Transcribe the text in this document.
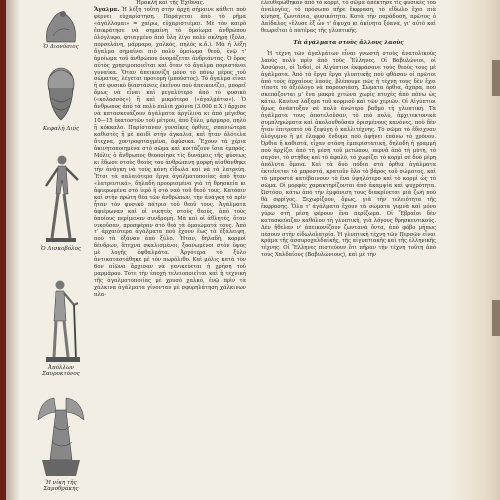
Ὁ Διονύσιος
Κεφαλὴ Διός
Ὁ Δισκοβόλος
Ἀπόλλων Σαυροκτόνος
Ἡ νίκη τῆς Σαμοθράκης

Ἡρακλῆ καὶ τῆς Ἐχίδνας.

Ἄγαλμα. Ἡ λέξη τοῦτη στὴν ἀρχὴ σήμαινε κάθετι ποὺ φέρνει εὐχαρίστηση. Παράγεται ἀπὸ τὸ ρῆμα «ἀγάλλομαι» = χαίρω, εὐχαριστιέμαι. Μὲ τὸν καιρὸ ἐπικράτησε νὰ σημαίνη τὸ ὁμοίωμα ἀνθρώπου ὁλόγλυφο, φτιαγμένο ἀπὸ ὕλη λίγο πολὺ σκληρὴ (ξύλο, πορσελάνη, μάρμαρο, χαλκός, πηλὸς κ.ἄ.). Μὰ ἡ λέξη ἄγαλμα σημαίνει πιὸ πολὺ ὁμοίωμα θεοῦ, ἐνῷ τ' ὁμοίωμα τοῦ ἀνθρώπου ὀνομάζεται ἀνδριάντας. Ὁ ὅρος αὐτὸς χρησιμοποιεῖται καὶ ὅταν τὸ ἄγαλμα παριστάνει γυναίκα. Ὅταν ἀπεικονίζη μόνο τὸ πάνω μέρος τοῦ σώματος, λέγεται προτομὴ (μπούστος). Τὸ ἄγαλμα εἶναι ἢ σὲ φυσικὸ διαστάσεις ἐκεῖνου ποὺ ἀπεικονίζει, μπορεῖ ὅμως νὰ εἶναι καὶ μεγαλύτερο ἀπὸ τὸ φυσικὸ («κολοσσὸς») ἢ καὶ μικρότερο («ἀγαλμάτιο»). Ὁ ἄνθρωπος ἀπὸ τὰ πολὺ παλιὰ χρόνια (3.000 π.Χ.) ἄρχισε νὰ κατασκευάζουν ἀγάλματα ἀργίλινα κι ἀπὸ μέγεθος 10—15 ἑκατοστῶν τοῦ μέτρου, ἀπὸ ξύλο, μάρμαρο, πηλὸ ἢ κόκκαλο. Παρίσταναν γυναῖκες ὀρθιες, σπανιώτερα καθιστὲς ἢ μὲ παιδὶ στὴν ἀγκαλιά, καὶ ἦταν ὁλότελα ἄτεχνα, χοντροφτιαγμένα, ἀφύσικα. Ἔχουν τὰ χέρια ἀκινητοποιημένα στὸ σῶμα καὶ κοιτάζουν ἴσια ἐμπρός. Μόλις ὁ ἄνθρωπος θεοποίησε τὶς δυνάμεις τῆς φύσεως κι ἔδωσε στοὺς θεοὺς του ἀνθρώπινη μορφή αἰσθάνθηκε τὴν ἀνάγκη νὰ τοὺς κάνη εἴδωλα καὶ νὰ τὰ λατρεύη. Ἔτσι τὰ παλαιότερα ἔργα ἀγαλματοποιίας ἀπὸ ἦταν «λατρευτικά», δηλαδὴ προορισμένα γιὰ τὴ θρησκεία κι ἀφιερωμένα στὸ ἱερὸ ἢ στὸ ναὸ τοῦ θεοῦ τους. Κατόπιν καὶ στὴν πρώτη θέα τῶν ἀνθρώπων, τὴν ἀνάγκη τὸ πρὶν ἦταν τὸν φυσικὸ πάτριο τοῦ θεοῦ τους. Ἀγάλματα ἀφιέρωναν καὶ οἱ νικητὲς στοὺς θεούς, ἀπὸ τοὺς ὁποίους περίμεναν συνδρομή. Μὰ καὶ οἱ ἀθλητές, ὅταν νικοῦσαν, προσφέραν στὸ θεὸ τὰ ὁμοιώματά τους. Ἀπὸ τ' ἀρχαιότερα ἀγάλματα ποὺ ἔχουν ἕως τὰ ἐξάλειψη, ποὺ τὰ ἐξάναν ἀπὸ ξύλο. Ἦταν, δηλαδή, κορμοὶ δένδρων, ἄτεχνα σκαλισμένοι, ξοανωμένοι στὸν ὕψος μὲ λογῆς ὀφθαλμάτα. Ἀργότερα τὸ ξύλο ἀντικαταστάθηκε μὲ τὸν πωρόλιθο. Καὶ μόλις κατὰ τὸν 6ον αἰῶνα ἄρχισαν νὰ γενικεύεται ἡ χρήση τοῦ μαρμάρου. Τότε τὴν ἐποχὴ τελειοποιεῖται καὶ ἡ τεχνικὴ τῆς ἀγαλματοποιίας μὲ χρυσὸ χαλκό, ἐνῷ πρὶν τὰ χάλκινα ἀγάλματα γίνονταν μὲ σφυρηλάτηση χάλκινων πλα-

ἐλευθερώθηκαν ἀπὸ τὸ κορμί, τὸ σῶμα ἀπέκτησε τὶς φυσικὲς του ἀναλογίες, τὸ πρόσωπο πῆρε ἔκφραση, τὸ εἴδωλο ἔχει πιὰ κίνηση, ζωντάνια, φυσικότητα. Κατὰ τὴν παράδοση, πρῶτος ὁ Δαίδαλος «ἔλυσε ἐξ ὧν τ' ἄψυχα κι ἀκίνητα ξόανα, γι' αὐτὸ καὶ θεωρεῖται ὁ πατέρας τῆς γλυπτικῆς.

Τὰ ἀγάλματα στοὺς ἄλλους λαοὺς

Ἡ τέχνη τῶν ἀγαλμάτων εἶναι γνωστὴ στοὺς ἀνατολικοὺς λαοὺς πολὺ πρὶν ἀπὸ τοὺς Ἕλληνες. Οἱ Βαβυλώνιοι, οἱ Ἀσσύριοι, οἱ Ἰνδοί, οἱ Αἰγύπτιοι ἐκφράσανε τοὺς θεοὺς τους μὲ ἀγάλματα. Ἀπὸ τὰ ἔργα ἔργα γλυπτικῆς ποὺ φθάσαν οἱ πρῶτοι ἀπὸ τοὺς ἀρχαίους λαούς, βλέπουμε πῶς ἡ τέχνη τους δὲν ἔχει τίποτε τὸ ἀξιόλογο νὰ παρουσιάση. Σώματα ὀρθια, ἄχαρα, ποὺ σκεπάζονται μ' ἕνα μακρὺ χιτώνα χωρὶς πτυχὲς ἀπὸ πάνω ὡς κάτω. Κανένα λάξεμα τοῦ κορμιοῦ καὶ τῶν χεριῶν. Οἱ Αἰγύπτιοι ὅμως ἀνάπτυξαν σὲ πολὺ ἀνώτερο βαθμὸ τὴ γλυπτική. Τὰ ἀγάλματα τους ἀποτελοῦσαν, τὸ πιὸ πολύ, ἀρχιτεκτονικὰ συμπληρώματα καὶ ἀκολουθοῦσαν ὁρισμένους κανόνες, ποὺ δὲν ἦταν ἐπιτρεπτὸ νὰ ξεφύγη ὁ καλλιτέχνης. Τὸ σῶμα τὸ ἔδειχναν ὀλόγυμνο ἢ μὲ ἐλαφρὸ ἔνδυμα ποὺ ἀφήνει ἐπάνω τὸ χρόνου. Ὀρθια ἢ καθιστά, εἶχαν στάση ἐμπεριστατική, δηλαδὴ ἡ γραμμὴ ποὺ ἀρχίζει ἀπὸ τὴ μέση τοῦ μετώπου, περνᾶ ἀπὸ τὴ μύτη, τὸ σαγόνι, τὸ στήθος καὶ τὸ ἀφαλὸ, τὸ χωρίζει τὸ κορμὶ σὲ δυὸ μέρη ἀπόλυτα ὅμοια. Καὶ τὰ δυὸ πόδια στὰ ὀρθια ἀγάλματα ἐκτείνεται τὸ μπροστά, κρατοῦν ὅλο τὸ βάρος τοῦ σώματος, καὶ τὰ μπροστά κατέβαινουν τὸ ἕνα ὑψηλότερο καὶ τὸ κορμὶ ὡς τὸ σῶμα. Οἱ μορφὲς χαρακτηρίζονται ἀπὸ ἀκαμψία καὶ ψυχρότητα. Ὡστόσο, κάτω ἀπὸ τὴν ἐμφάνιση τους διακρίνεται μιὰ ζωὴ ποὺ θὰ σφρίγος. Ξεχωρίζουν, ὅμως, γιὰ τὴν τελειότητα τῆς ἔκφρασης. Ὅλα τ' ἀγάλματα ἔχουν τὰ σώματα γυμνὰ καὶ μόνο γύρω στὴ μέση φέρουν ἕνα περίζωμα. Οἱ Ἕβραῖοι δὲν κατασκεύαζαν καθόλου τὴ γλυπτική, γιὰ λόγους θρησκευτικούς. Δὲν ἤθελαν ν' ἀπεικονίζουν ζωντανὰ ὄντα, ἀπὸ φόβο μήπως πέσουν στὴν εἰδωλολατρία. Ἡ γλυπτικὴ τέχνη τῶν Περσῶν εἶναι κράμα τῆς ἀσσυροχαλδαϊκῆς, τῆς αἰγυπτιακῆς καὶ τῆς ἑλληνικῆς τέχνης. Οἱ Ἕλληνες πιστεύουν ὅτι πῆραν τὴν τέχνη τοῦτη ἀπὸ τοὺς Χαλδαίους (Βαβυλώνιους), καὶ μὲ τὴν
